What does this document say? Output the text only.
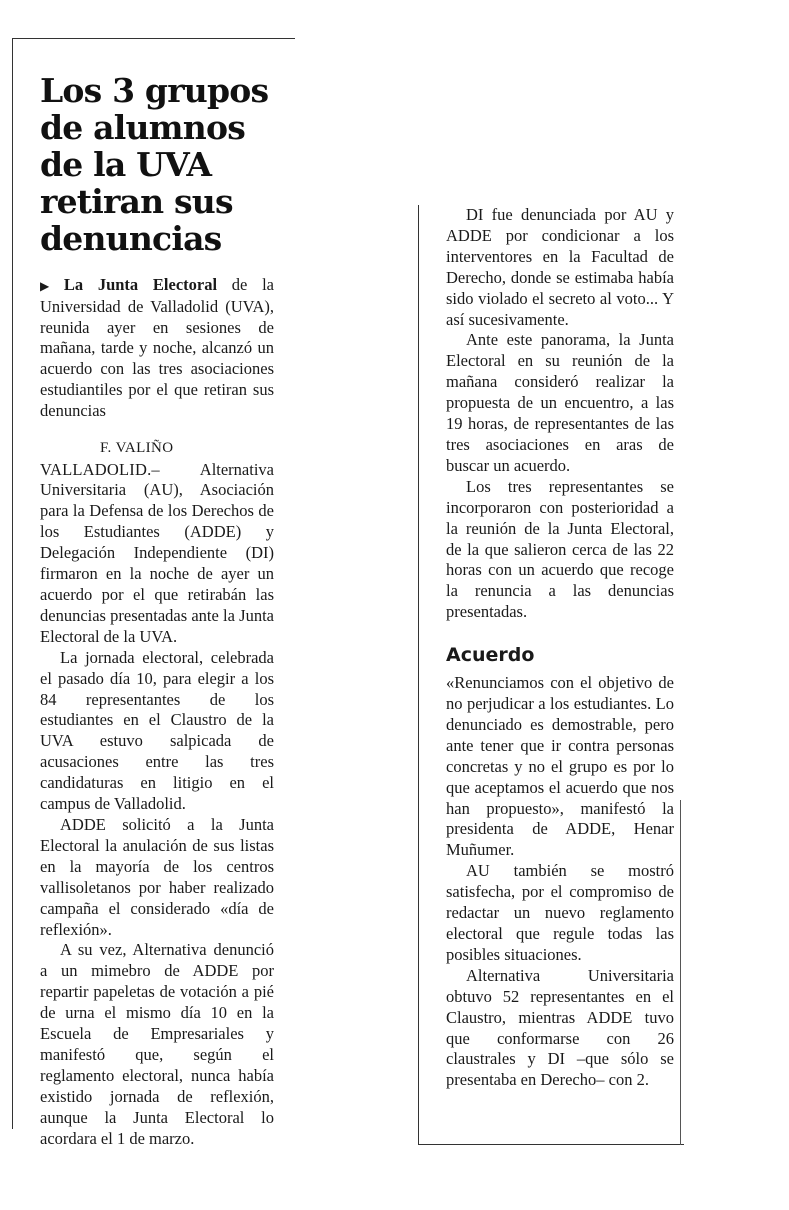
Los 3 grupos de alumnos de la UVA retiran sus denuncias

▶ La Junta Electoral de la Universidad de Valladolid (UVA), reunida ayer en sesiones de mañana, tarde y noche, alcanzó un acuerdo con las tres asociaciones estudiantiles por el que retiran sus denuncias

F. VALIÑO

VALLADOLID.– Alternativa Universitaria (AU), Asociación para la Defensa de los Derechos de los Estudiantes (ADDE) y Delegación Independiente (DI) firmaron en la noche de ayer un acuerdo por el que retirabán las denuncias presentadas ante la Junta Electoral de la UVA.

La jornada electoral, celebrada el pasado día 10, para elegir a los 84 representantes de los estudiantes en el Claustro de la UVA estuvo salpicada de acusaciones entre las tres candidaturas en litigio en el campus de Valladolid.

ADDE solicitó a la Junta Electoral la anulación de sus listas en la mayoría de los centros vallisoletanos por haber realizado campaña el considerado «día de reflexión».

A su vez, Alternativa denunció a un mimebro de ADDE por repartir papeletas de votación a pié de urna el mismo día 10 en la Escuela de Empresariales y manifestó que, según el reglamento electoral, nunca había existido jornada de reflexión, aunque la Junta Electoral lo acordara el 1 de marzo.

DI fue denunciada por AU y ADDE por condicionar a los interventores en la Facultad de Derecho, donde se estimaba había sido violado el secreto al voto... Y así sucesivamente.

Ante este panorama, la Junta Electoral en su reunión de la mañana consideró realizar la propuesta de un encuentro, a las 19 horas, de representantes de las tres asociaciones en aras de buscar un acuerdo.

Los tres representantes se incorporaron con posterioridad a la reunión de la Junta Electoral, de la que salieron cerca de las 22 horas con un acuerdo que recoge la renuncia a las denuncias presentadas.

Acuerdo

«Renunciamos con el objetivo de no perjudicar a los estudiantes. Lo denunciado es demostrable, pero ante tener que ir contra personas concretas y no el grupo es por lo que aceptamos el acuerdo que nos han propuesto», manifestó la presidenta de ADDE, Henar Muñumer.

AU también se mostró satisfecha, por el compromiso de redactar un nuevo reglamento electoral que regule todas las posibles situaciones.

Alternativa Universitaria obtuvo 52 representantes en el Claustro, mientras ADDE tuvo que conformarse con 26 claustrales y DI –que sólo se presentaba en Derecho– con 2.
